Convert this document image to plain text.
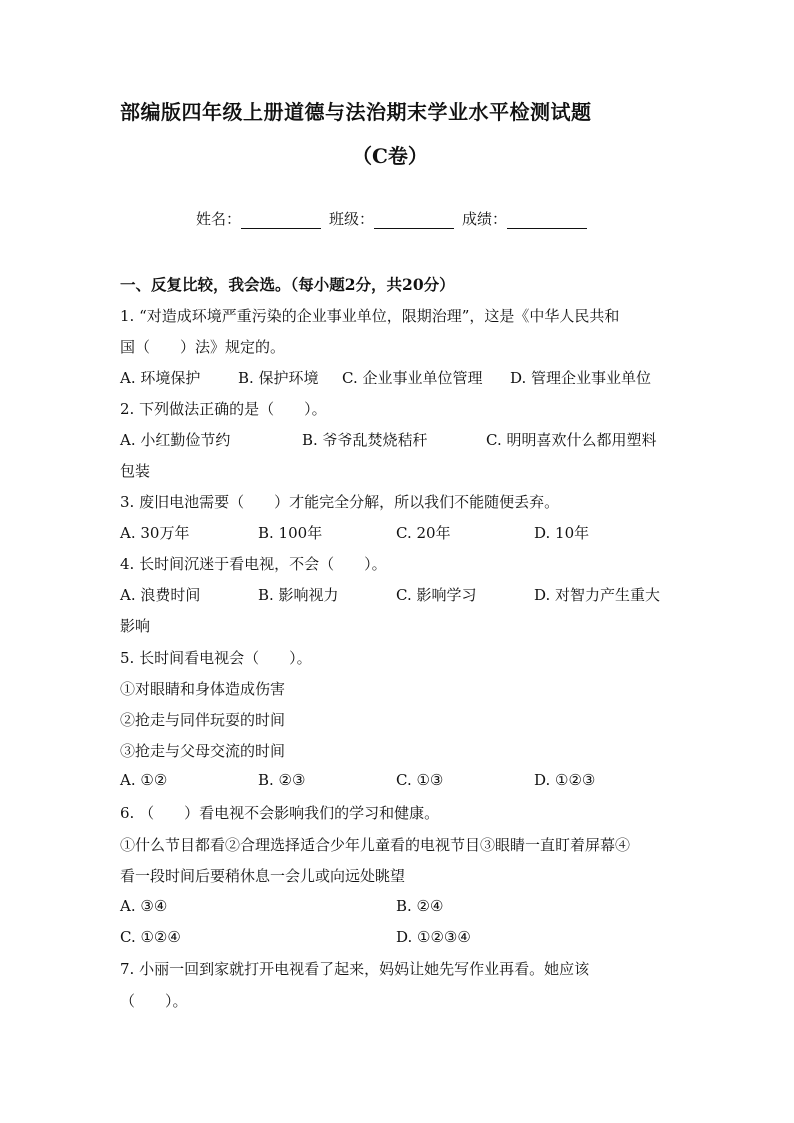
部编版四年级上册道德与法治期末学业水平检测试题
（C卷）
姓名：	班级：	成绩：
一、反复比较，我会选。（每小题2分，共20分）
1. “对造成环境严重污染的企业事业单位，限期治理”，这是《中华人民共和
国（　　）法》规定的。
A. 环境保护	B. 保护环境 C. 企业事业单位管理 D. 管理企业事业单位
2. 下列做法正确的是（　　）。
A. 小红勤俭节约	B. 爷爷乱焚烧秸秆	C. 明明喜欢什么都用塑料
包装
3. 废旧电池需要（　　）才能完全分解，所以我们不能随便丢弃。
A. 30万年	B. 100年	C. 20年	D. 10年
4. 长时间沉迷于看电视，不会（　　）。
A. 浪费时间	B. 影响视力	C. 影响学习	D. 对智力产生重大
影响
5. 长时间看电视会（　　）。
①对眼睛和身体造成伤害
②抢走与同伴玩耍的时间
③抢走与父母交流的时间
A. ①②	B. ②③	C. ①③	D. ①②③
6. （　　）看电视不会影响我们的学习和健康。
①什么节目都看②合理选择适合少年儿童看的电视节目③眼睛一直盯着屏幕④
看一段时间后要稍休息一会儿或向远处眺望
A. ③④	B. ②④
C. ①②④	D. ①②③④
7. 小丽一回到家就打开电视看了起来，妈妈让她先写作业再看。她应该
（　　）。
